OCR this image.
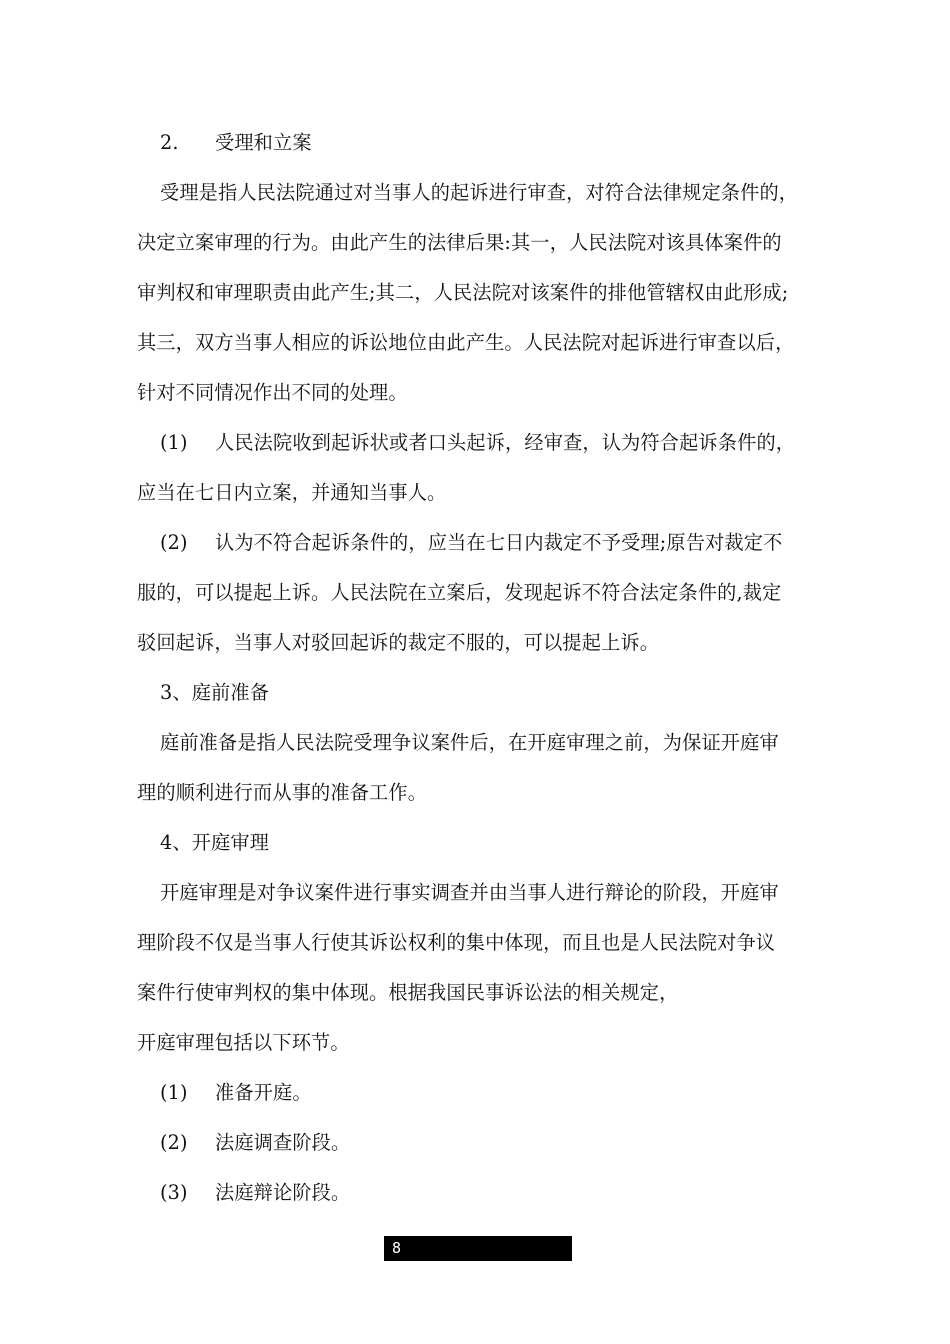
2. 受理和立案
受理是指人民法院通过对当事人的起诉进行审查，对符合法律规定条件的，
决定立案审理的行为。由此产生的法律后果:其一，人民法院对该具体案件的
审判权和审理职责由此产生;其二，人民法院对该案件的排他管辖权由此形成;
其三，双方当事人相应的诉讼地位由此产生。人民法院对起诉进行审查以后，
针对不同情况作出不同的处理。
(1) 人民法院收到起诉状或者口头起诉，经审查，认为符合起诉条件的，
应当在七日内立案，并通知当事人。
(2) 认为不符合起诉条件的，应当在七日内裁定不予受理;原告对裁定不
服的，可以提起上诉。人民法院在立案后，发现起诉不符合法定条件的,裁定
驳回起诉，当事人对驳回起诉的裁定不服的，可以提起上诉。
3、庭前准备
庭前准备是指人民法院受理争议案件后，在开庭审理之前，为保证开庭审
理的顺利进行而从事的准备工作。
4、开庭审理
开庭审理是对争议案件进行事实调查并由当事人进行辩论的阶段，开庭审
理阶段不仅是当事人行使其诉讼权利的集中体现，而且也是人民法院对争议
案件行使审判权的集中体现。根据我国民事诉讼法的相关规定，
开庭审理包括以下环节。
(1) 准备开庭。
(2) 法庭调查阶段。
(3) 法庭辩论阶段。
8
